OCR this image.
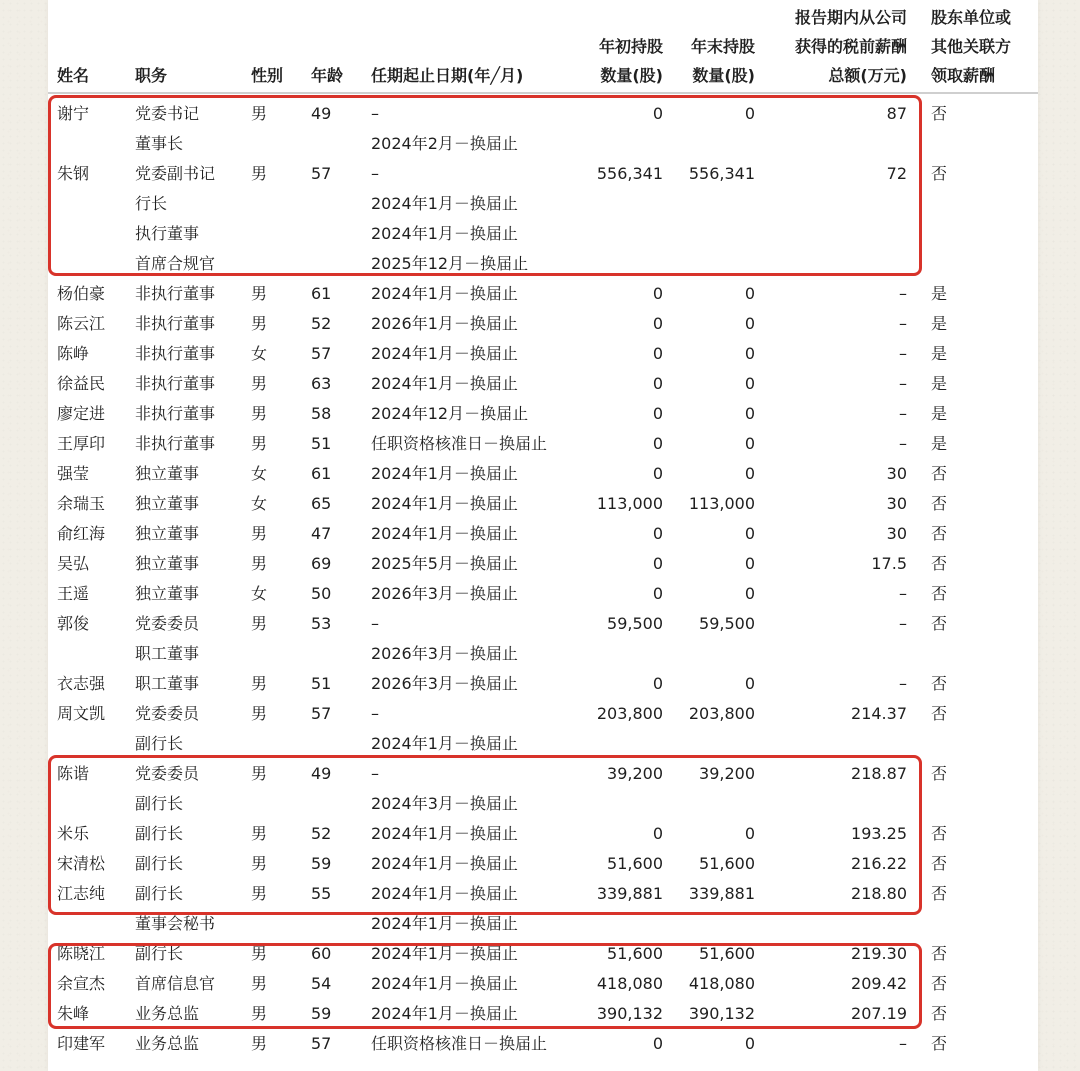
姓名	职务	性别 年龄 任期起止日期(年╱月)
年初持股
数量(股)
年末持股
数量(股)
报告期内从公司
获得的税前薪酬
总额(万元)
股东单位或
其他关联方
领取薪酬
谢宁	党委书记	男	49 –	0	0	87 否
董事长	2024年2月－换届止
朱钢	党委副书记 男	57 –	556,341 556,341	72 否
行长	2024年1月－换届止
执行董事	2024年1月－换届止
首席合规官	2025年12月－换届止
杨伯豪 非执行董事 男	61 2024年1月－换届止	0	0	– 是
陈云江 非执行董事 男	52 2026年1月－换届止	0	0	– 是
陈峥	非执行董事 女	57 2024年1月－换届止	0	0	– 是
徐益民 非执行董事 男	63 2024年1月－换届止	0	0	– 是
廖定进 非执行董事 男	58 2024年12月－换届止	0	0	– 是
王厚印 非执行董事 男	51 任职资格核准日－换届止	0	0	– 是
强莹	独立董事	女	61 2024年1月－换届止	0	0	30 否
余瑞玉 独立董事	女	65 2024年1月－换届止	113,000 113,000	30 否
俞红海 独立董事	男	47 2024年1月－换届止	0	0	30 否
吴弘	独立董事	男	69 2025年5月－换届止	0	0	17.5 否
王遥	独立董事	女	50 2026年3月－换届止	0	0	– 否
郭俊	党委委员	男	53 –	59,500 59,500	– 否
职工董事	2026年3月－换届止
衣志强 职工董事	男	51 2026年3月－换届止	0	0	– 否
周文凯 党委委员	男	57 –	203,800 203,800	214.37 否
副行长	2024年1月－换届止
陈谐	党委委员	男	49 –	39,200 39,200	218.87 否
副行长	2024年3月－换届止
米乐	副行长	男	52 2024年1月－换届止	0	0	193.25 否
宋清松 副行长	男	59 2024年1月－换届止	51,600 51,600	216.22 否
江志纯 副行长	男	55 2024年1月－换届止	339,881 339,881	218.80 否
董事会秘书	2024年1月－换届止
陈晓江 副行长	男	60 2024年1月－换届止	51,600 51,600	219.30 否
余宣杰 首席信息官 男	54 2024年1月－换届止	418,080 418,080	209.42 否
朱峰	业务总监	男	59 2024年1月－换届止	390,132 390,132	207.19 否
印建军 业务总监	男	57 任职资格核准日－换届止	0	0	– 否
